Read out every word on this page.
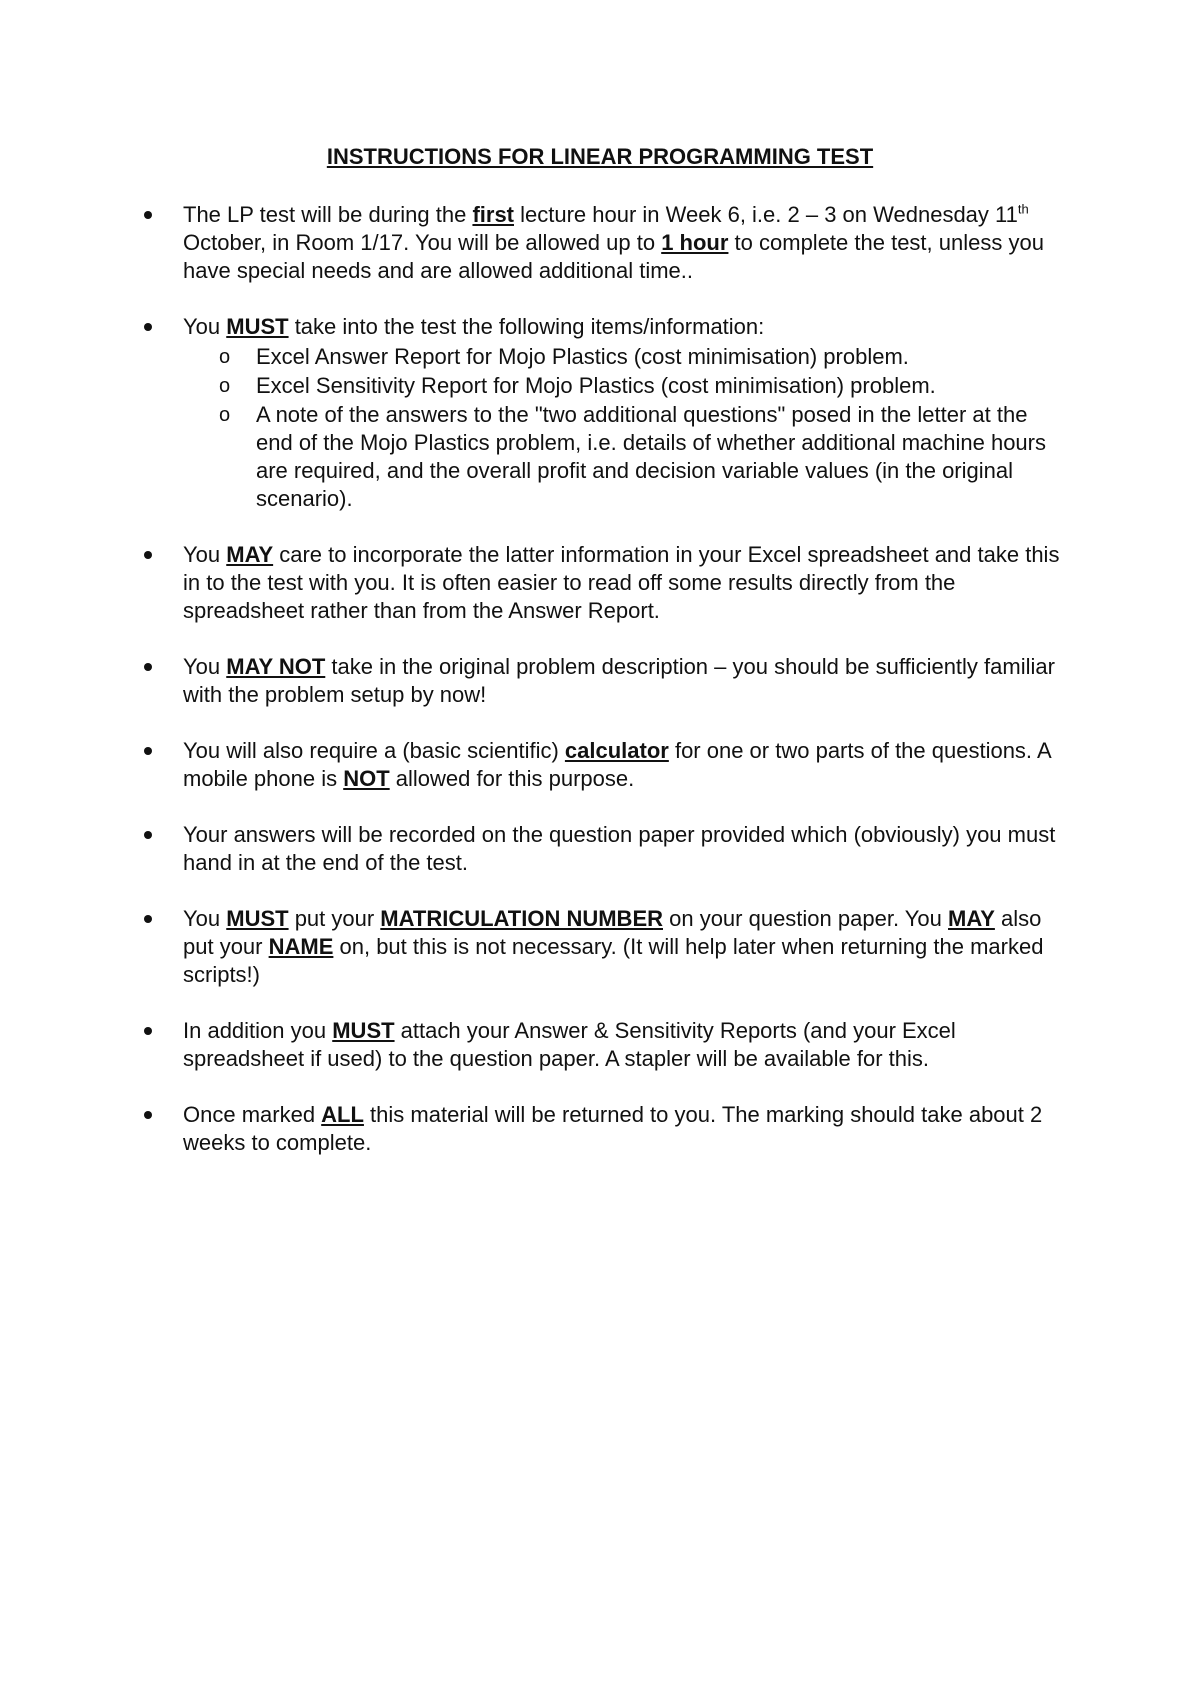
INSTRUCTIONS FOR LINEAR PROGRAMMING TEST
The LP test will be during the first lecture hour in Week 6, i.e. 2 – 3 on Wednesday 11th October, in Room 1/17. You will be allowed up to 1 hour to complete the test, unless you have special needs and are allowed additional time..
You MUST take into the test the following items/information:
o Excel Answer Report for Mojo Plastics (cost minimisation) problem.
o Excel Sensitivity Report for Mojo Plastics (cost minimisation) problem.
o A note of the answers to the "two additional questions" posed in the letter at the end of the Mojo Plastics problem, i.e. details of whether additional machine hours are required, and the overall profit and decision variable values (in the original scenario).
You MAY care to incorporate the latter information in your Excel spreadsheet and take this in to the test with you. It is often easier to read off some results directly from the spreadsheet rather than from the Answer Report.
You MAY NOT take in the original problem description – you should be sufficiently familiar with the problem setup by now!
You will also require a (basic scientific) calculator for one or two parts of the questions. A mobile phone is NOT allowed for this purpose.
Your answers will be recorded on the question paper provided which (obviously) you must hand in at the end of the test.
You MUST put your MATRICULATION NUMBER on your question paper. You MAY also put your NAME on, but this is not necessary. (It will help later when returning the marked scripts!)
In addition you MUST attach your Answer & Sensitivity Reports (and your Excel spreadsheet if used) to the question paper. A stapler will be available for this.
Once marked ALL this material will be returned to you. The marking should take about 2 weeks to complete.
